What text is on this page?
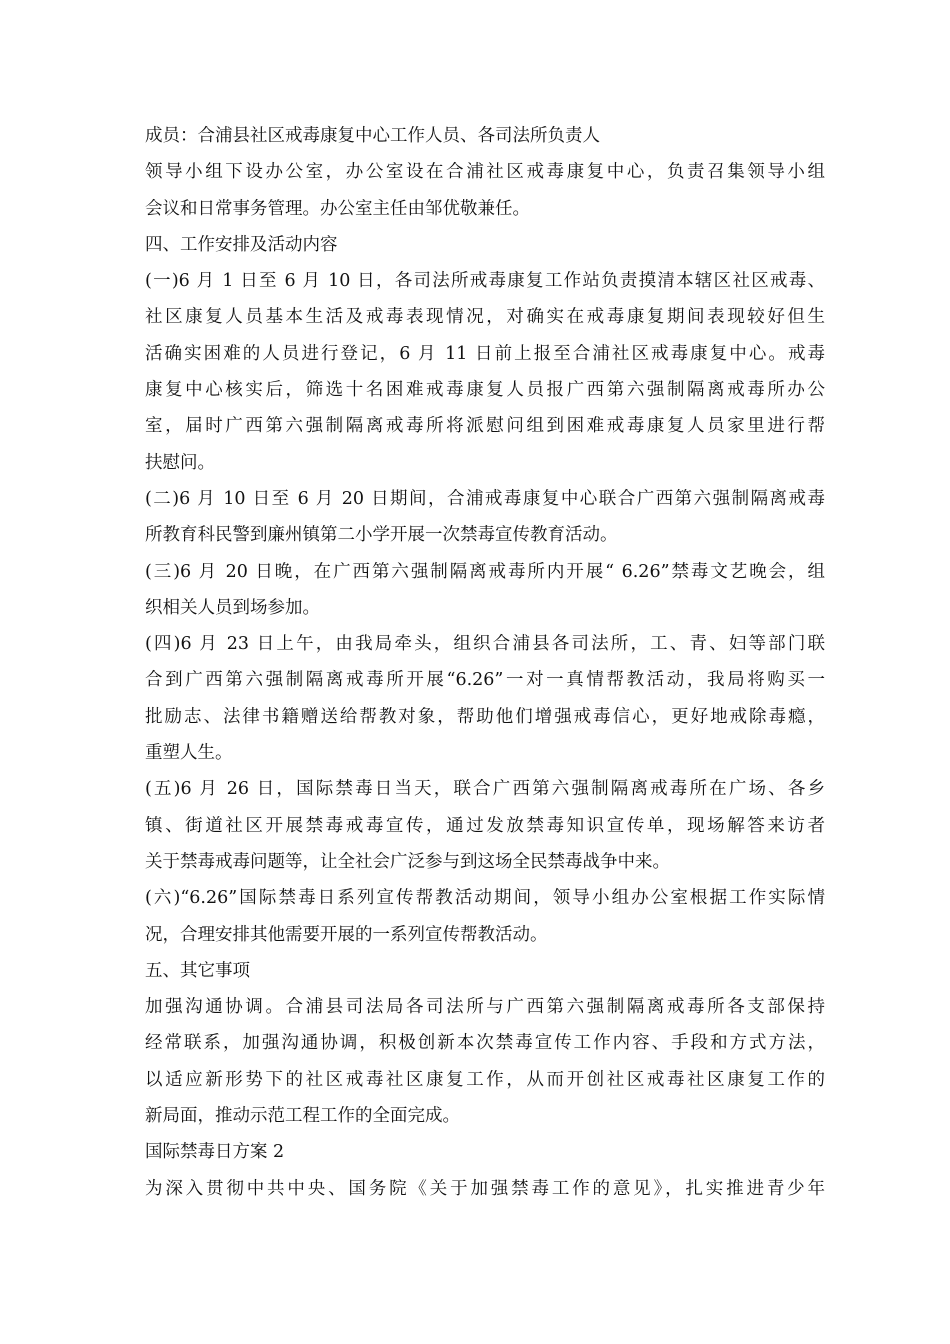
成员：合浦县社区戒毒康复中心工作人员、各司法所负责人
领导小组下设办公室，办公室设在合浦社区戒毒康复中心，负责召集领导小组
会议和日常事务管理。办公室主任由邹优敬兼任。
四、工作安排及活动内容
(一)6 月 1 日至 6 月 10 日，各司法所戒毒康复工作站负责摸清本辖区社区戒毒、
社区康复人员基本生活及戒毒表现情况，对确实在戒毒康复期间表现较好但生
活确实困难的人员进行登记，6 月 11 日前上报至合浦社区戒毒康复中心。戒毒
康复中心核实后，筛选十名困难戒毒康复人员报广西第六强制隔离戒毒所办公
室，届时广西第六强制隔离戒毒所将派慰问组到困难戒毒康复人员家里进行帮
扶慰问。
(二)6 月 10 日至 6 月 20 日期间，合浦戒毒康复中心联合广西第六强制隔离戒毒
所教育科民警到廉州镇第二小学开展一次禁毒宣传教育活动。
(三)6 月 20 日晚，在广西第六强制隔离戒毒所内开展“ 6.26”禁毒文艺晚会，组
织相关人员到场参加。
(四)6 月 23 日上午，由我局牵头，组织合浦县各司法所，工、青、妇等部门联
合到广西第六强制隔离戒毒所开展“6.26”一对一真情帮教活动，我局将购买一
批励志、法律书籍赠送给帮教对象，帮助他们增强戒毒信心，更好地戒除毒瘾，
重塑人生。
(五)6 月 26 日，国际禁毒日当天，联合广西第六强制隔离戒毒所在广场、各乡
镇、街道社区开展禁毒戒毒宣传，通过发放禁毒知识宣传单，现场解答来访者
关于禁毒戒毒问题等，让全社会广泛参与到这场全民禁毒战争中来。
(六)“6.26”国际禁毒日系列宣传帮教活动期间，领导小组办公室根据工作实际情
况，合理安排其他需要开展的一系列宣传帮教活动。
五、其它事项
加强沟通协调。合浦县司法局各司法所与广西第六强制隔离戒毒所各支部保持
经常联系，加强沟通协调，积极创新本次禁毒宣传工作内容、手段和方式方法，
以适应新形势下的社区戒毒社区康复工作，从而开创社区戒毒社区康复工作的
新局面，推动示范工程工作的全面完成。
国际禁毒日方案 2
为深入贯彻中共中央、国务院《关于加强禁毒工作的意见》，扎实推进青少年
